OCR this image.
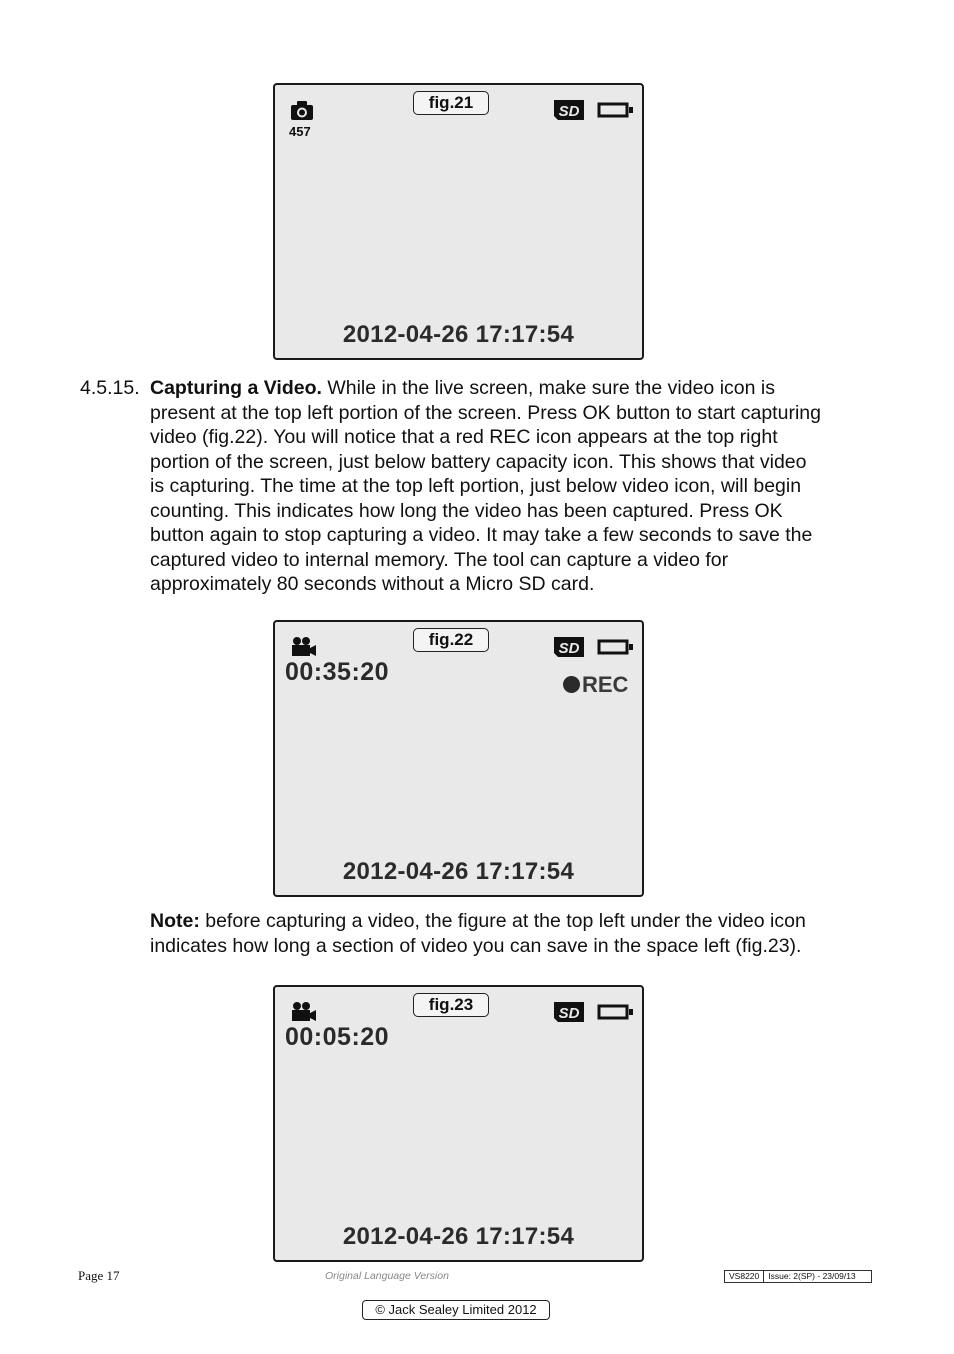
fig.21
457
SD
2012-04-26 17:17:54
4.5.15. Capturing a Video. While in the live screen, make sure the video icon is
present at the top left portion of the screen. Press OK button to start capturing
video (fig.22). You will notice that a red REC icon appears at the top right
portion of the screen, just below battery capacity icon. This shows that video
is capturing. The time at the top left portion, just below video icon, will begin
counting. This indicates how long the video has been captured. Press OK
button again to stop capturing a video. It may take a few seconds to save the
captured video to internal memory. The tool can capture a video for
approximately 80 seconds without a Micro SD card.
fig.22
00:35:20
SD
REC
2012-04-26 17:17:54
Note: before capturing a video, the figure at the top left under the video icon
indicates how long a section of video you can save in the space left (fig.23).
fig.23
00:05:20
SD
2012-04-26 17:17:54
Page 17	Original Language Version	VS8220	Issue: 2(SP) - 23/09/13
© Jack Sealey Limited 2012
